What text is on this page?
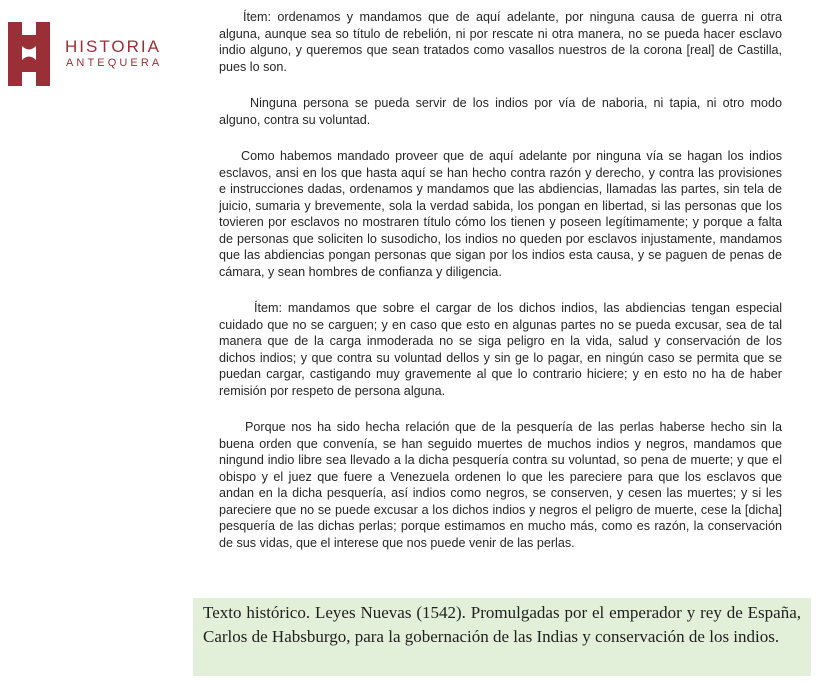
HISTORIA
ANTEQUERA

Ítem: ordenamos y mandamos que de aquí adelante, por ninguna causa de guerra ni otra alguna, aunque sea so título de rebelión, ni por rescate ni otra manera, no se pueda hacer esclavo indio alguno, y queremos que sean tratados como vasallos nuestros de la corona [real] de Castilla, pues lo son.

Ninguna persona se pueda servir de los indios por vía de naboria, ni tapia, ni otro modo alguno, contra su voluntad.

Como habemos mandado proveer que de aquí adelante por ninguna vía se hagan los indios esclavos, ansi en los que hasta aquí se han hecho contra razón y derecho, y contra las provisiones e instrucciones dadas, ordenamos y mandamos que las abdiencias, llamadas las partes, sin tela de juicio, sumaria y brevemente, sola la verdad sabida, los pongan en libertad, si las personas que los tovieren por esclavos no mostraren título cómo los tienen y poseen legítimamente; y porque a falta de personas que soliciten lo susodicho, los indios no queden por esclavos injustamente, mandamos que las abdiencias pongan personas que sigan por los indios esta causa, y se paguen de penas de cámara, y sean hombres de confianza y diligencia.

Ítem: mandamos que sobre el cargar de los dichos indios, las abdiencias tengan especial cuidado que no se carguen; y en caso que esto en algunas partes no se pueda excusar, sea de tal manera que de la carga inmoderada no se siga peligro en la vida, salud y conservación de los dichos indios; y que contra su voluntad dellos y sin ge lo pagar, en ningún caso se permita que se puedan cargar, castigando muy gravemente al que lo contrario hiciere; y en esto no ha de haber remisión por respeto de persona alguna.

Porque nos ha sido hecha relación que de la pesquería de las perlas haberse hecho sin la buena orden que convenía, se han seguido muertes de muchos indios y negros, mandamos que ningund indio libre sea llevado a la dicha pesquería contra su voluntad, so pena de muerte; y que el obispo y el juez que fuere a Venezuela ordenen lo que les pareciere para que los esclavos que andan en la dicha pesquería, así indios como negros, se conserven, y cesen las muertes; y si les pareciere que no se puede excusar a los dichos indios y negros el peligro de muerte, cese la [dicha] pesquería de las dichas perlas; porque estimamos en mucho más, como es razón, la conservación de sus vidas, que el interese que nos puede venir de las perlas.

Texto histórico. Leyes Nuevas (1542). Promulgadas por el emperador y rey de España, Carlos de Habsburgo, para la gobernación de las Indias y conservación de los indios.
